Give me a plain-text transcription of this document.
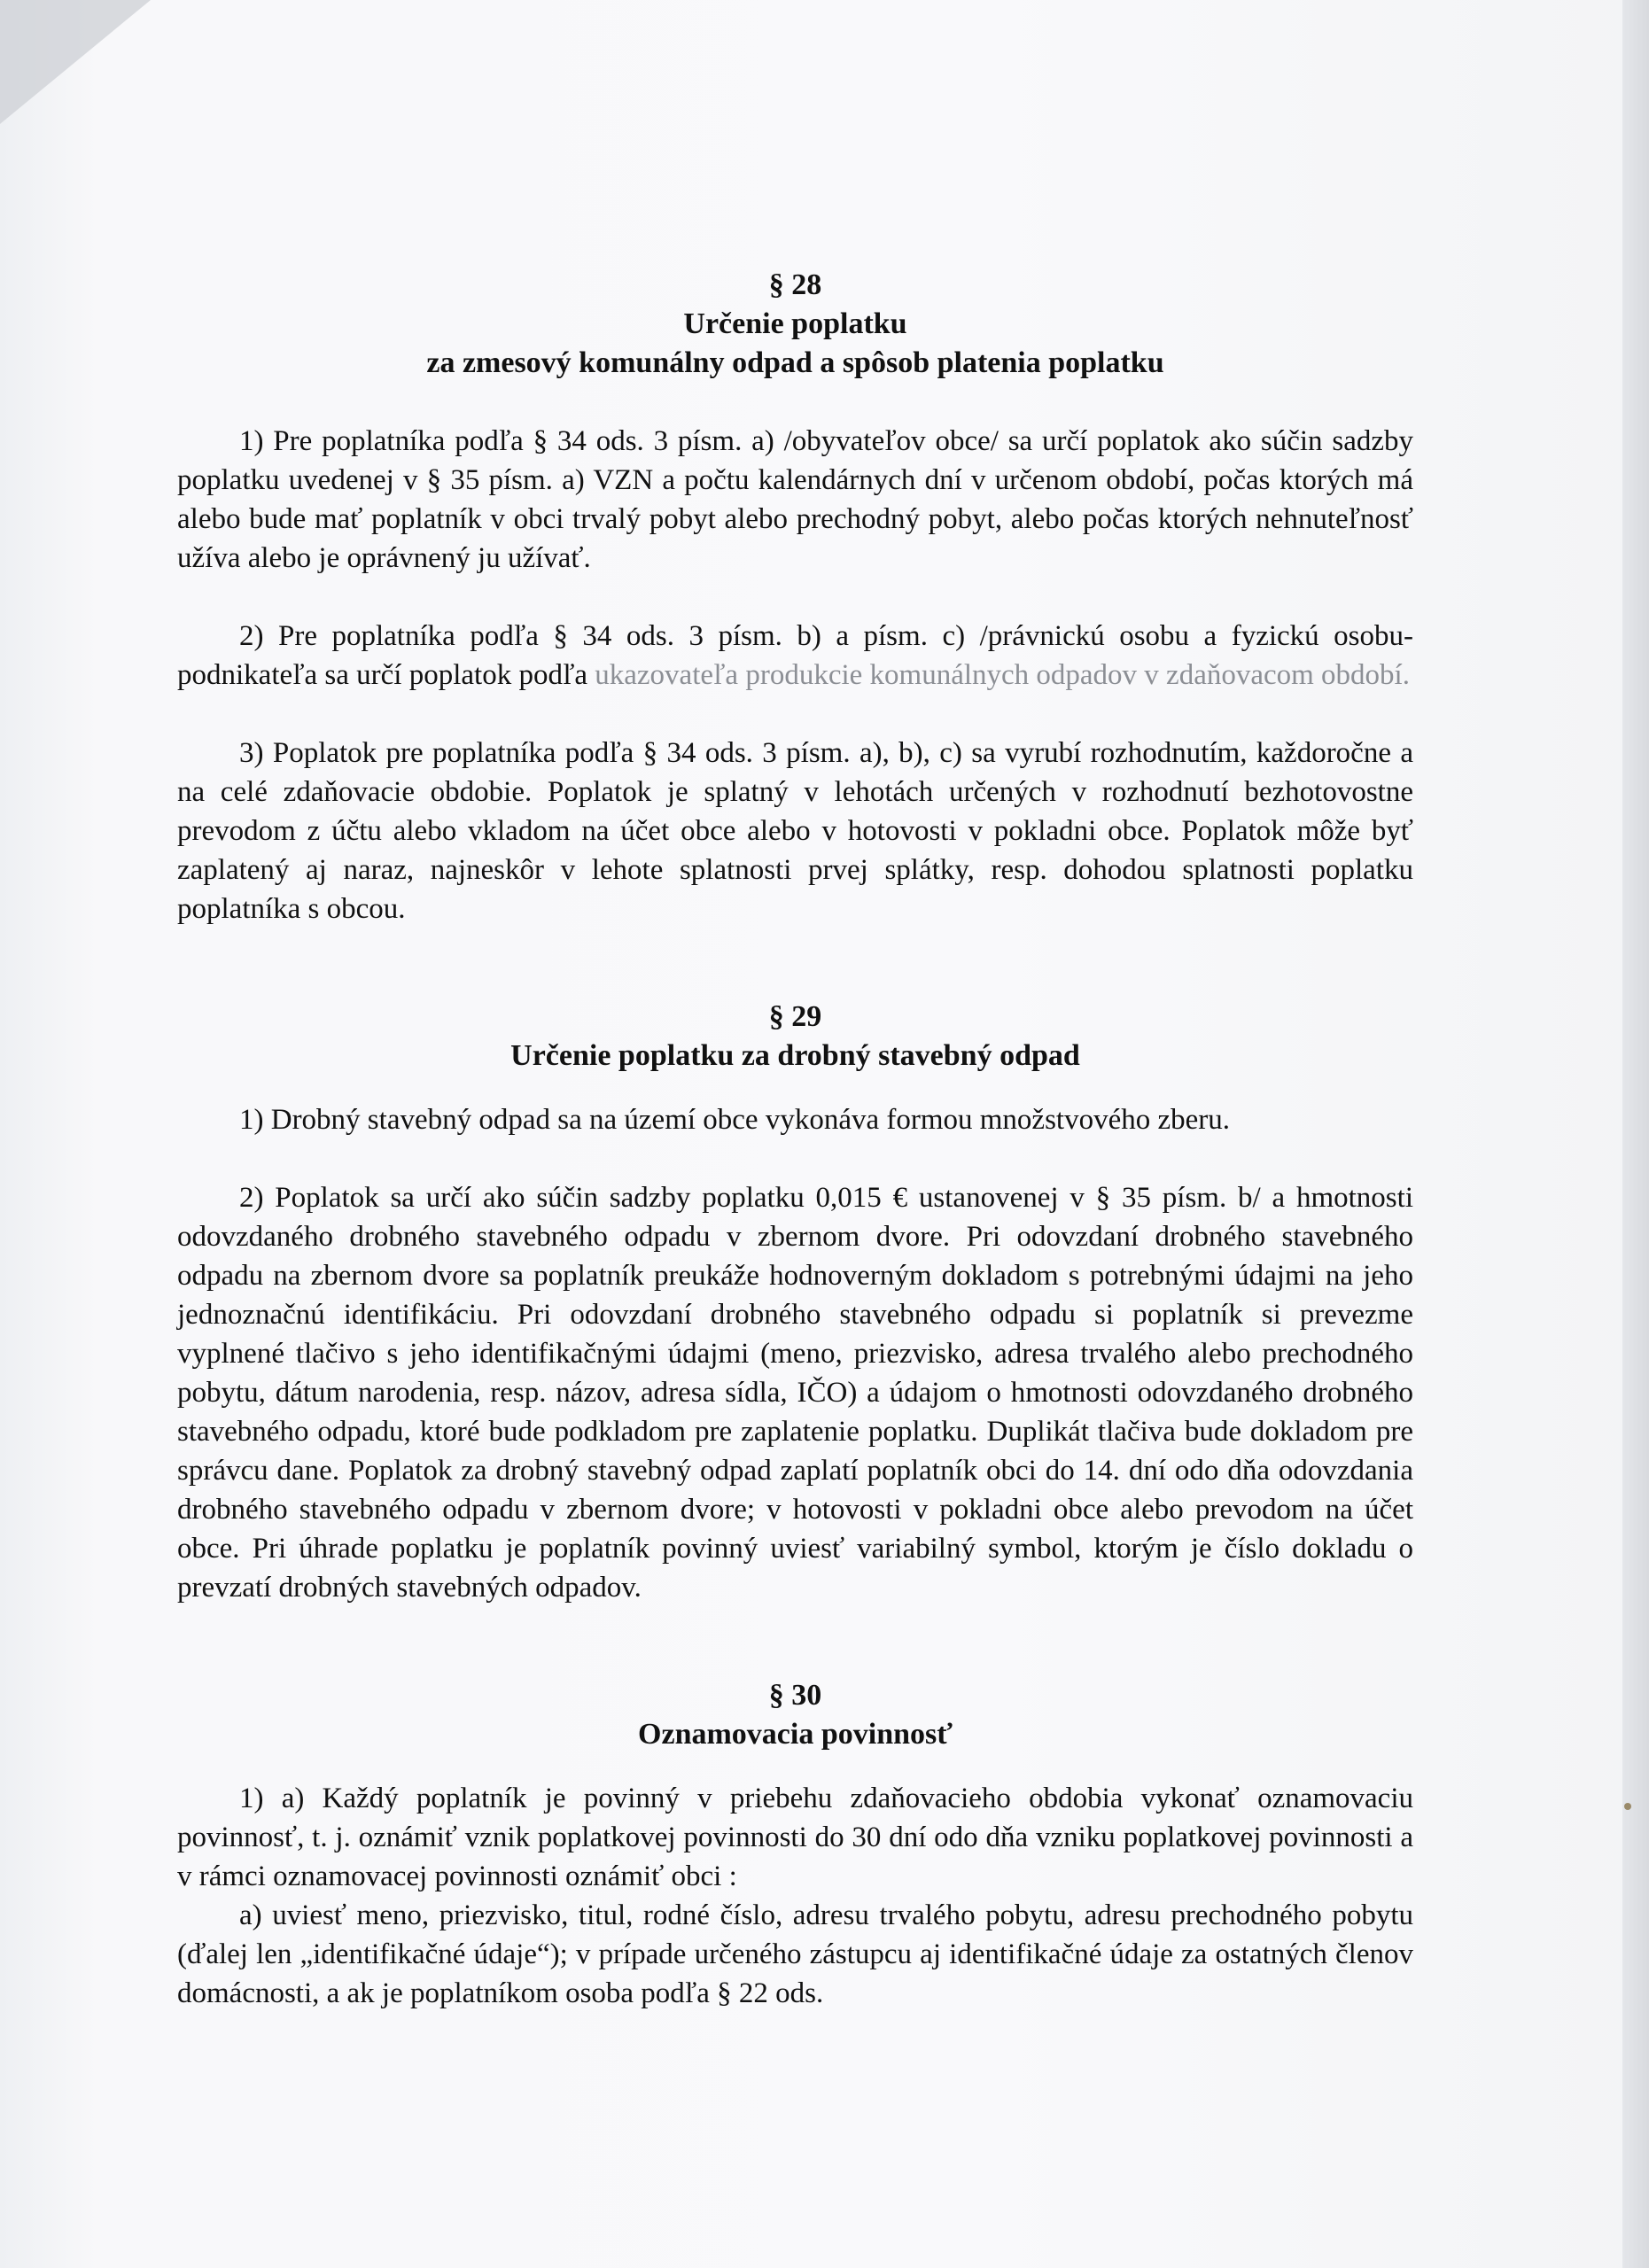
§ 28

Určenie poplatku

za zmesový komunálny odpad a spôsob platenia poplatku

1) Pre poplatníka podľa § 34 ods. 3 písm. a) /obyvateľov obce/ sa určí poplatok ako súčin sadzby poplatku uvedenej v § 35 písm. a) VZN a počtu kalendárnych dní v určenom období, počas ktorých má alebo bude mať poplatník v obci trvalý pobyt alebo prechodný pobyt, alebo počas ktorých nehnuteľnosť užíva alebo je oprávnený ju užívať.

2) Pre poplatníka podľa § 34 ods. 3 písm. b) a písm. c) /právnickú osobu a fyzickú osobu-podnikateľa sa určí poplatok podľa ukazovateľa produkcie komunálnych odpadov v zdaňovacom období.

3) Poplatok pre poplatníka podľa § 34 ods. 3 písm. a), b), c) sa vyrubí rozhodnutím, každoročne a na celé zdaňovacie obdobie. Poplatok je splatný v lehotách určených v rozhodnutí bezhotovostne prevodom z účtu alebo vkladom na účet obce alebo v hotovosti v pokladni obce. Poplatok môže byť zaplatený aj naraz, najneskôr v lehote splatnosti prvej splátky, resp. dohodou splatnosti poplatku poplatníka s obcou.

§ 29

Určenie poplatku za drobný stavebný odpad

1) Drobný stavebný odpad sa na území obce vykonáva formou množstvového zberu.

2) Poplatok sa určí ako súčin sadzby poplatku 0,015 € ustanovenej v § 35 písm. b/ a hmotnosti odovzdaného drobného stavebného odpadu v zbernom dvore. Pri odovzdaní drobného stavebného odpadu na zbernom dvore sa poplatník preukáže hodnoverným dokladom s potrebnými údajmi na jeho jednoznačnú identifikáciu. Pri odovzdaní drobného stavebného odpadu si poplatník si prevezme vyplnené tlačivo s jeho identifikačnými údajmi (meno, priezvisko, adresa trvalého alebo prechodného pobytu, dátum narodenia, resp. názov, adresa sídla, IČO) a údajom o hmotnosti odovzdaného drobného stavebného odpadu, ktoré bude podkladom pre zaplatenie poplatku. Duplikát tlačiva bude dokladom pre správcu dane. Poplatok za drobný stavebný odpad zaplatí poplatník obci do 14. dní odo dňa odovzdania drobného stavebného odpadu v zbernom dvore; v hotovosti v pokladni obce alebo prevodom na účet obce. Pri úhrade poplatku je poplatník povinný uviesť variabilný symbol, ktorým je číslo dokladu o prevzatí drobných stavebných odpadov.

§ 30

Oznamovacia povinnosť

1) a) Každý poplatník je povinný v priebehu zdaňovacieho obdobia vykonať oznamovaciu povinnosť, t. j. oznámiť vznik poplatkovej povinnosti do 30 dní odo dňa vzniku poplatkovej povinnosti a v rámci oznamovacej povinnosti oznámiť obci :

a) uviesť meno, priezvisko, titul, rodné číslo, adresu trvalého pobytu, adresu prechodného pobytu (ďalej len „identifikačné údaje“); v prípade určeného zástupcu aj identifikačné údaje za ostatných členov domácnosti, a ak je poplatníkom osoba podľa § 22 ods.
